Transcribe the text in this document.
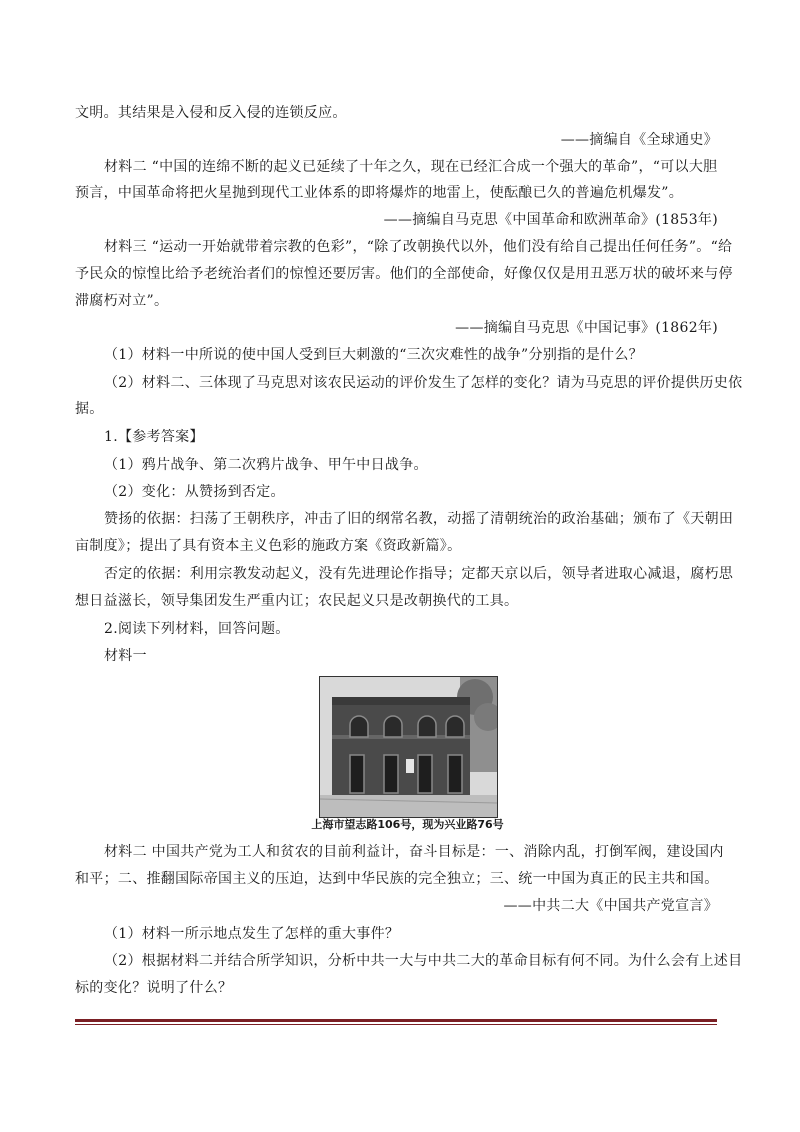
文明。其结果是入侵和反入侵的连锁反应。
——摘编自《全球通史》
材料二 “中国的连绵不断的起义已延续了十年之久，现在已经汇合成一个强大的革命”，“可以大胆
预言，中国革命将把火星抛到现代工业体系的即将爆炸的地雷上，使酝酿已久的普遍危机爆发”。
——摘编自马克思《中国革命和欧洲革命》(1853年)
材料三 “运动一开始就带着宗教的色彩”，“除了改朝换代以外，他们没有给自己提出任何任务”。“给
予民众的惊惶比给予老统治者们的惊惶还要厉害。他们的全部使命，好像仅仅是用丑恶万状的破坏来与停
滞腐朽对立”。
——摘编自马克思《中国记事》(1862年)
（1）材料一中所说的使中国人受到巨大刺激的“三次灾难性的战争”分别指的是什么？
（2）材料二、三体现了马克思对该农民运动的评价发生了怎样的变化？请为马克思的评价提供历史依
据。
1.【参考答案】
（1）鸦片战争、第二次鸦片战争、甲午中日战争。
（2）变化：从赞扬到否定。
赞扬的依据：扫荡了王朝秩序，冲击了旧的纲常名教，动摇了清朝统治的政治基础；颁布了《天朝田
亩制度》；提出了具有资本主义色彩的施政方案《资政新篇》。
否定的依据：利用宗教发动起义，没有先进理论作指导；定都天京以后，领导者进取心减退，腐朽思
想日益滋长，领导集团发生严重内讧；农民起义只是改朝换代的工具。
2.阅读下列材料，回答问题。
材料一
上海市望志路106号，现为兴业路76号
材料二 中国共产党为工人和贫农的目前利益计，奋斗目标是：一、消除内乱，打倒军阀，建设国内
和平；二、推翻国际帝国主义的压迫，达到中华民族的完全独立；三、统一中国为真正的民主共和国。
——中共二大《中国共产党宣言》
（1）材料一所示地点发生了怎样的重大事件？
（2）根据材料二并结合所学知识，分析中共一大与中共二大的革命目标有何不同。为什么会有上述目
标的变化？说明了什么？
